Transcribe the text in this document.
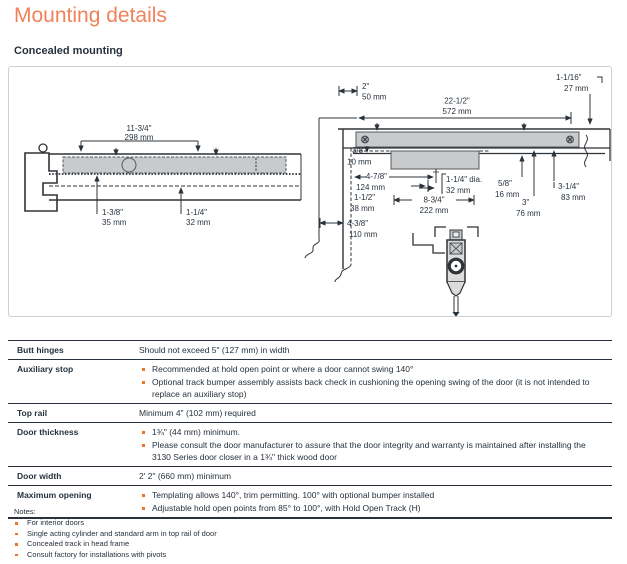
Mounting details
Concealed mounting
11-3/4"
298 mm
1-3/8"
35 mm
1-1/4"
32 mm
2"
50 mm	22-1/2"
572 mm
1-1/16"
27 mm
1-1/4" dia.
32 mm
8-3/4"
222 mm
3/8"
10 mm
4-7/8"
124 mm
1-1/2"
38 mm
4-3/8"
110 mm
5/8"
16 mm
3"
76 mm
3-1/4"
83 mm
Butt hinges	Should not exceed 5" (127 mm) in width
Auxiliary stop	Recommended at hold open point or where a door cannot swing 140°
Optional track bumper assembly assists back check in cushioning the opening swing of the door (it is not intended to replace an auxiliary stop)
Top rail	Minimum 4" (102 mm) required
Door thickness	1¾" (44 mm) minimum.
Please consult the door manufacturer to assure that the door integrity and warranty is maintained after installing the 3130 Series door closer in a 1¾" thick wood door
Door width	2' 2" (660 mm) minimum
Maximum opening	Templating allows 140°, trim permitting. 100° with optional bumper installed
Adjustable hold open points from 85° to 100°, with Hold Open Track (H)
Notes:
For interior doors
Single acting cylinder and standard arm in top rail of door
Concealed track in head frame
Consult factory for installations with pivots
